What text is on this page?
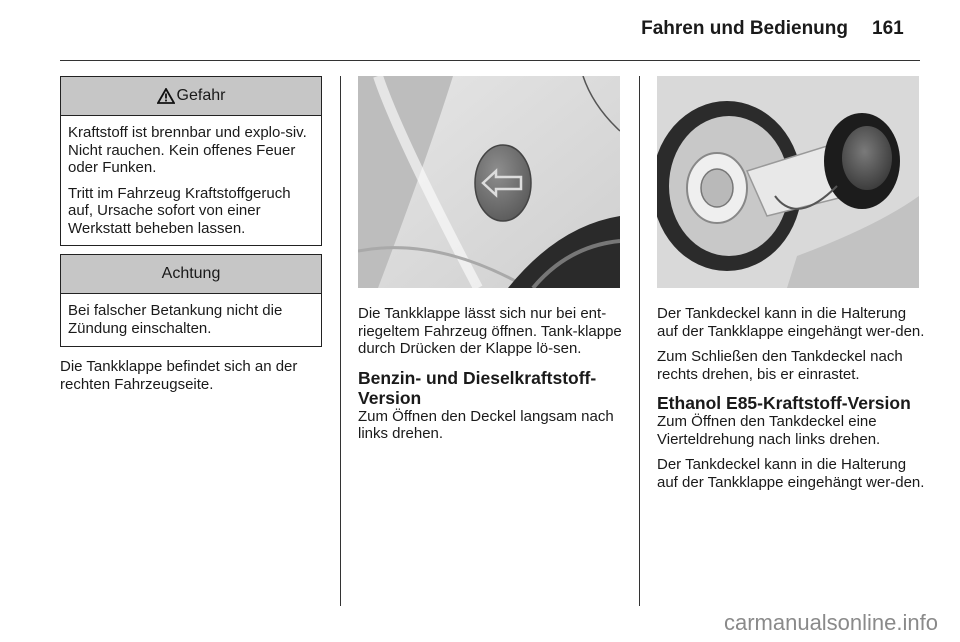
Fahren und Bedienung 161
Gefahr

Kraftstoff ist brennbar und explo-siv. Nicht rauchen. Kein offenes Feuer oder Funken.

Tritt im Fahrzeug Kraftstoffgeruch auf, Ursache sofort von einer Werkstatt beheben lassen.

Achtung

Bei falscher Betankung nicht die Zündung einschalten.

Die Tankklappe befindet sich an der rechten Fahrzeugseite.

Die Tankklappe lässt sich nur bei ent-riegeltem Fahrzeug öffnen. Tank-klappe durch Drücken der Klappe lö-sen.

Benzin- und Dieselkraftstoff-Version

Zum Öffnen den Deckel langsam nach links drehen.

Der Tankdeckel kann in die Halterung auf der Tankklappe eingehängt wer-den.

Zum Schließen den Tankdeckel nach rechts drehen, bis er einrastet.

Ethanol E85-Kraftstoff-Version

Zum Öffnen den Tankdeckel eine Vierteldrehung nach links drehen.

Der Tankdeckel kann in die Halterung auf der Tankklappe eingehängt wer-den.

carmanualsonline.info
